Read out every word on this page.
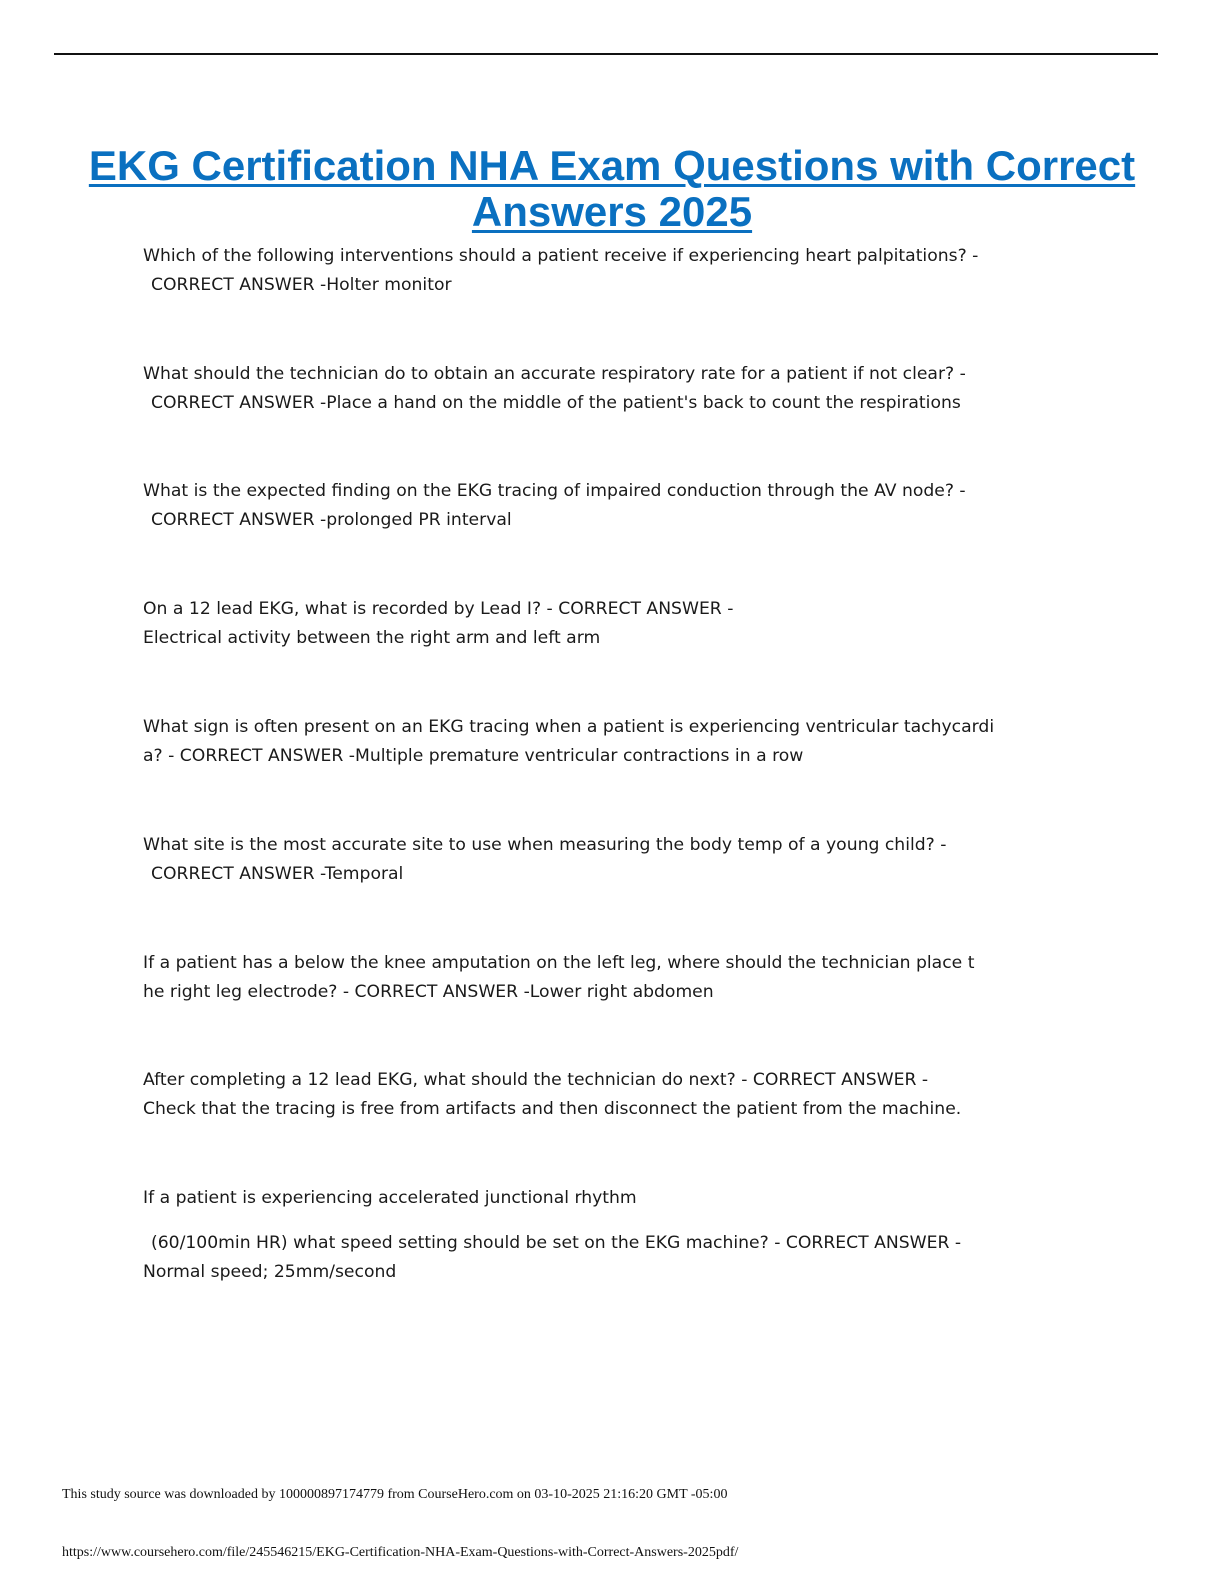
EKG Certification NHA Exam Questions with Correct Answers 2025
Which of the following interventions should a patient receive if experiencing heart palpitations? -
CORRECT ANSWER -Holter monitor
What should the technician do to obtain an accurate respiratory rate for a patient if not clear? -
CORRECT ANSWER -Place a hand on the middle of the patient's back to count the respirations
What is the expected finding on the EKG tracing of impaired conduction through the AV node? -
CORRECT ANSWER -prolonged PR interval
On a 12 lead EKG, what is recorded by Lead I? - CORRECT ANSWER -
Electrical activity between the right arm and left arm
What sign is often present on an EKG tracing when a patient is experiencing ventricular tachycardi
a? - CORRECT ANSWER -Multiple premature ventricular contractions in a row
What site is the most accurate site to use when measuring the body temp of a young child? -
CORRECT ANSWER -Temporal
If a patient has a below the knee amputation on the left leg, where should the technician place t
he right leg electrode? - CORRECT ANSWER -Lower right abdomen
After completing a 12 lead EKG, what should the technician do next? - CORRECT ANSWER -
Check that the tracing is free from artifacts and then disconnect the patient from the machine.
If a patient is experiencing accelerated junctional rhythm
(60/100min HR) what speed setting should be set on the EKG machine? - CORRECT ANSWER -
Normal speed; 25mm/second
This study source was downloaded by 100000897174779 from CourseHero.com on 03-10-2025 21:16:20 GMT -05:00
https://www.coursehero.com/file/245546215/EKG-Certification-NHA-Exam-Questions-with-Correct-Answers-2025pdf/
